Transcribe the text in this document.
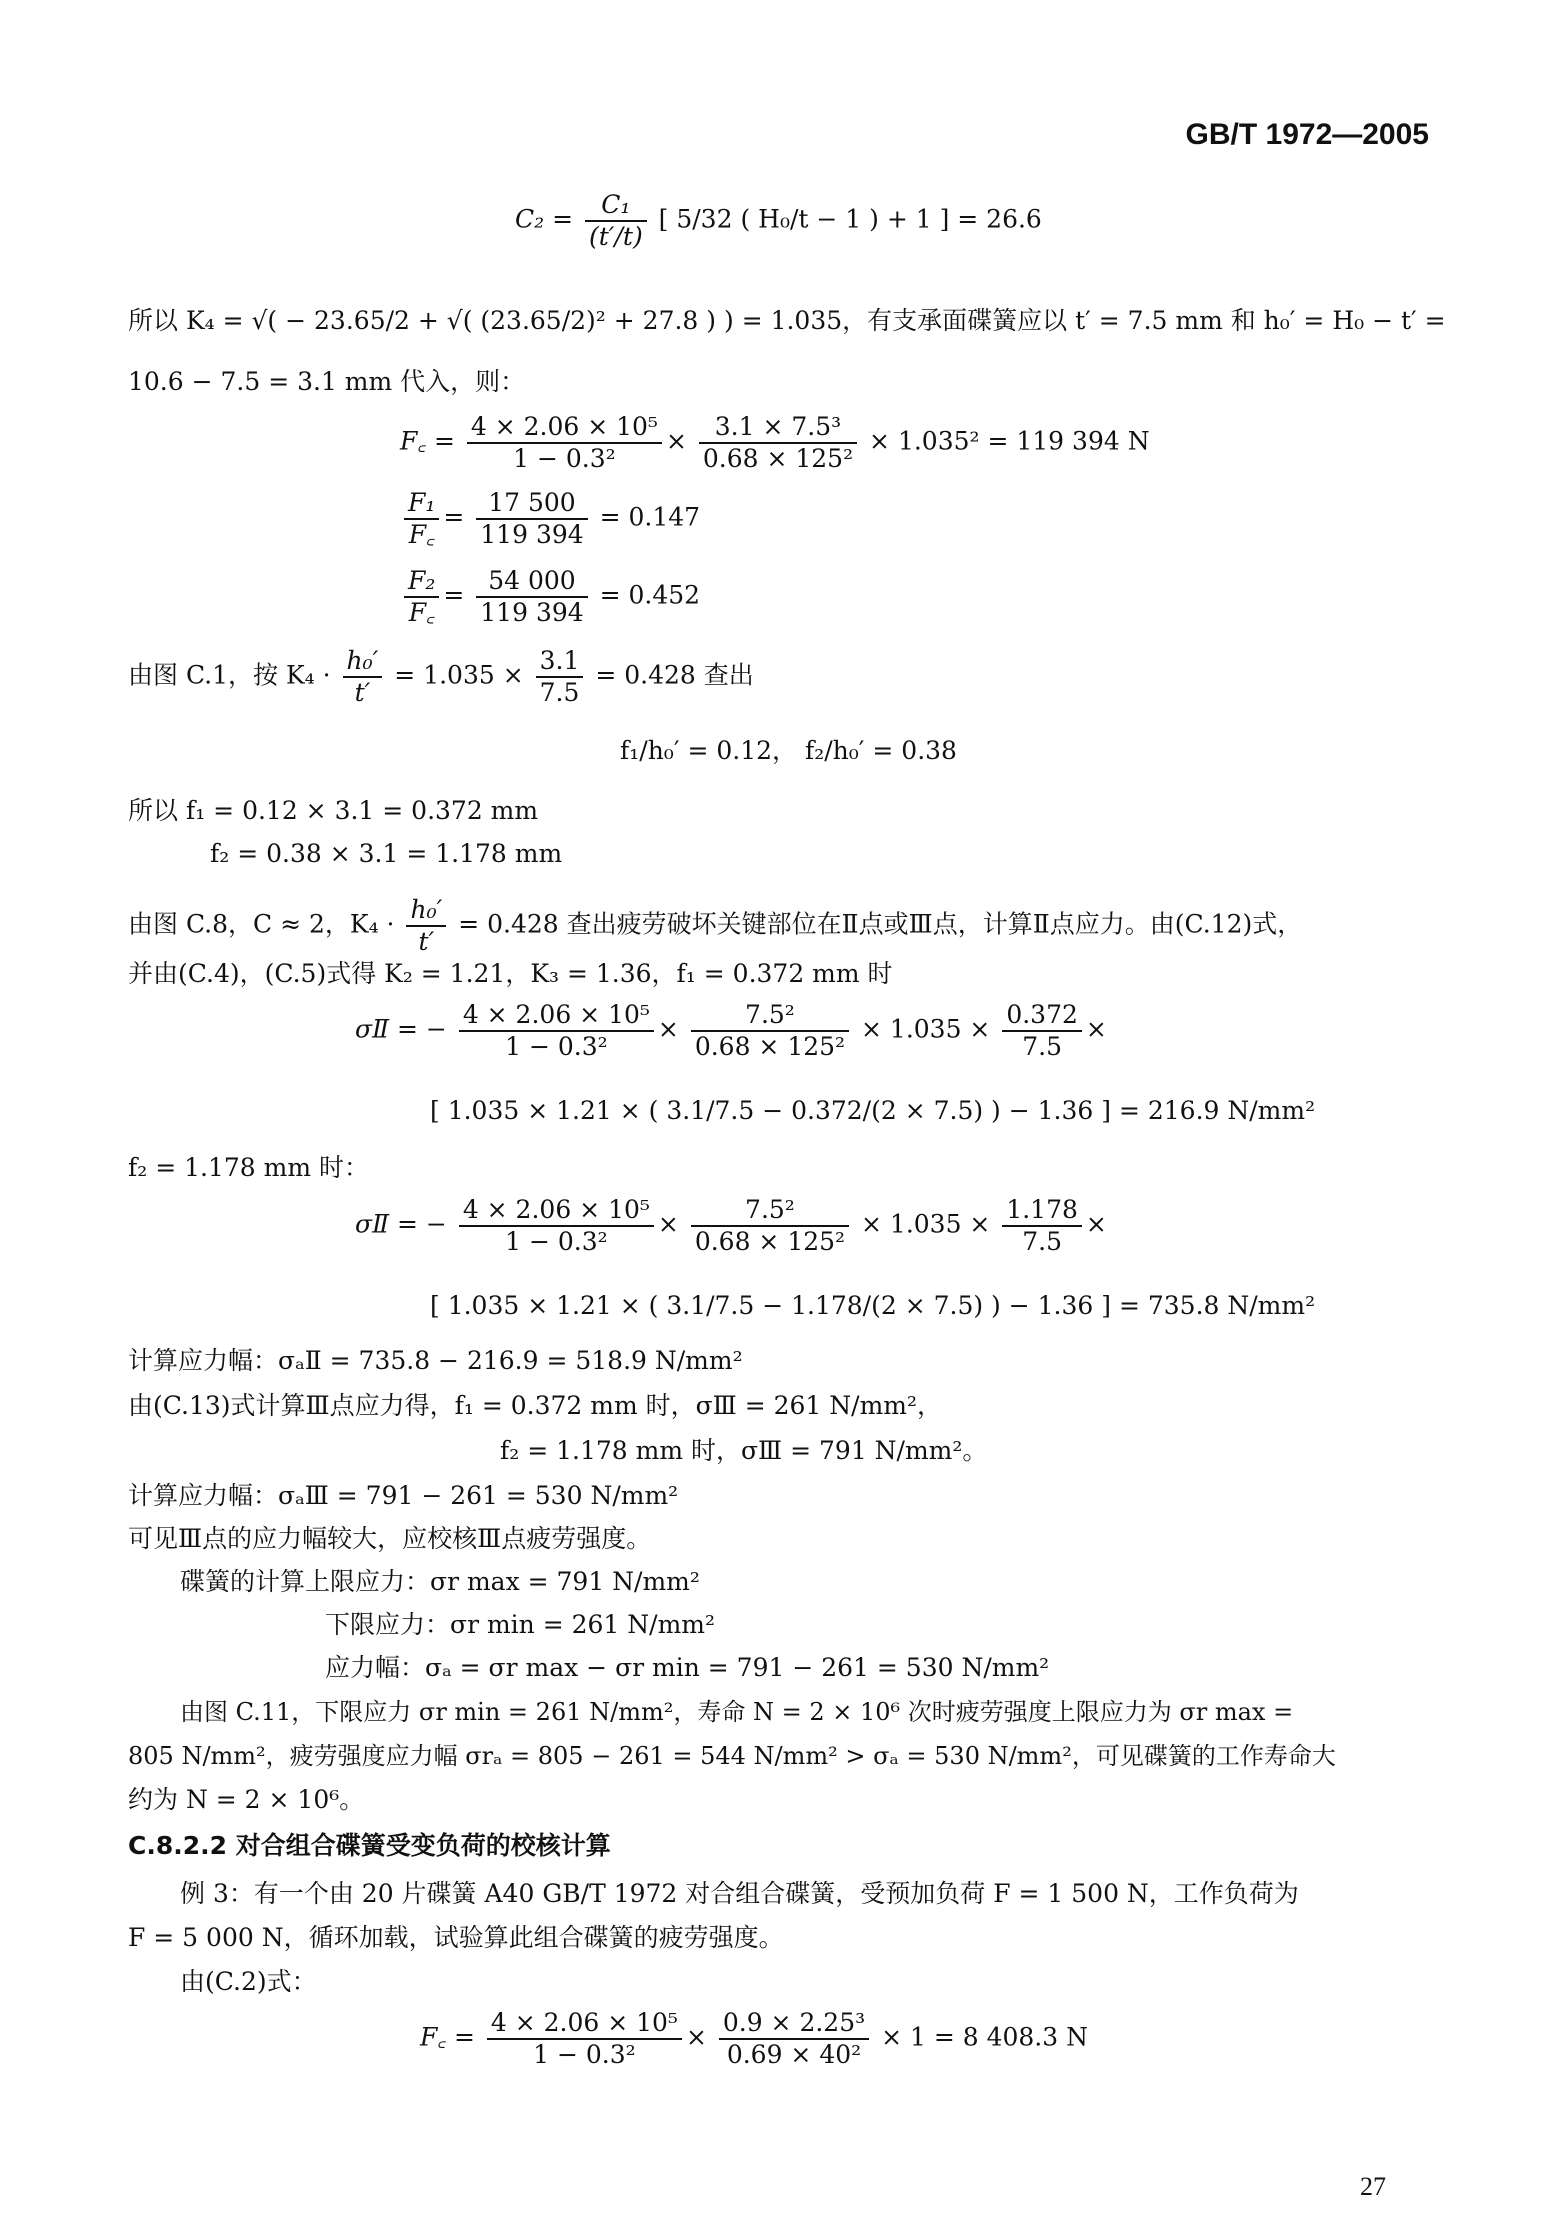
GB/T 1972—2005
$C_2 = \frac{\text{C₁}}{(t'/t)}$ [ 5/32 ( H₀/t − 1 ) + 1 ] = 26.6
所以 K₄ = √( − 23.65/2 + √( (23.65/2)² + 27.8 ) ) = 1.035，有支承面碟簧应以 t′ = 7.5 mm 和 h₀′ = H₀ − t′ =
10.6 − 7.5 = 3.1 mm 代入，则：
F꜀ = $\frac{\text{4 × 2.06 × 10⁵}}{\text{1 − 0.3²}} \times \frac{\text{3.1 × 7.5³}}{\text{0.68 × 125²}} \times 1.035^2 = 119$ 394 N
$\frac{\text{F₁}}{F꜀} = \frac{17 500}{119 394} = 0.147$
$\frac{\text{F₂}}{F꜀} = \frac{54 000}{119 394} = 0.452$
由图 C.1，按 $K_4 \cdot \frac{\text{h₀′}}{t'} = 1.035 \times \frac{3.1}{7.5} = 0.428$ 查出
f₁/h₀′ = 0.12， f₂/h₀′ = 0.38
所以 f₁ = 0.12 × 3.1 = 0.372 mm
f₂ = 0.38 × 3.1 = 1.178 mm
由图 C.8，C ≈ 2，$K_4 \cdot \frac{\text{h₀′}}{t'} = 0.428$ 查出疲劳破坏关键部位在Ⅱ点或Ⅲ点，计算Ⅱ点应力。由(C.12)式，
并由(C.4)，(C.5)式得 K₂ = 1.21，K₃ = 1.36，f₁ = 0.372 mm 时
σⅡ = − $\frac{\text{4 × 2.06 × 10⁵}}{\text{1 − 0.3²}} \times \frac{\text{7.5²}}{\text{0.68 × 125²}} \times 1.035 \times \frac{0.372}{7.5}$ ×
[ 1.035 × 1.21 × ( 3.1/7.5 − 0.372/(2 × 7.5) ) − 1.36 ] = 216.9 N/mm²
f₂ = 1.178 mm 时：
σⅡ = − $\frac{\text{4 × 2.06 × 10⁵}}{\text{1 − 0.3²}} \times \frac{\text{7.5²}}{\text{0.68 × 125²}} \times 1.035 \times \frac{1.178}{7.5}$ ×
[ 1.035 × 1.21 × ( 3.1/7.5 − 1.178/(2 × 7.5) ) − 1.36 ] = 735.8 N/mm²
计算应力幅：σₐⅡ = 735.8 − 216.9 = 518.9 N/mm²
由(C.13)式计算Ⅲ点应力得，f₁ = 0.372 mm 时，σⅢ = 261 N/mm²，
f₂ = 1.178 mm 时，σⅢ = 791 N/mm²。
计算应力幅：σₐⅢ = 791 − 261 = 530 N/mm²
可见Ⅲ点的应力幅较大，应校核Ⅲ点疲劳强度。
碟簧的计算上限应力：σr max = 791 N/mm²
下限应力：σr min = 261 N/mm²
应力幅：σₐ = σr max − σr min = 791 − 261 = 530 N/mm²
由图 C.11，下限应力 σr min = 261 N/mm²，寿命 N = 2 × 10⁶ 次时疲劳强度上限应力为 σr max =
805 N/mm²，疲劳强度应力幅 σrₐ = 805 − 261 = 544 N/mm² > σₐ = 530 N/mm²，可见碟簧的工作寿命大
约为 N = 2 × 10⁶。
C.8.2.2 对合组合碟簧受变负荷的校核计算
例 3：有一个由 20 片碟簧 A40 GB/T 1972 对合组合碟簧，受预加负荷 F = 1 500 N，工作负荷为
F = 5 000 N，循环加载，试验算此组合碟簧的疲劳强度。
由(C.2)式：
F꜀ = $\frac{\text{4 × 2.06 × 10⁵}}{\text{1 − 0.3²}} \times \frac{\text{0.9 × 2.25³}}{\text{0.69 × 40²}} \times 1 = 8$ 408.3 N
27
